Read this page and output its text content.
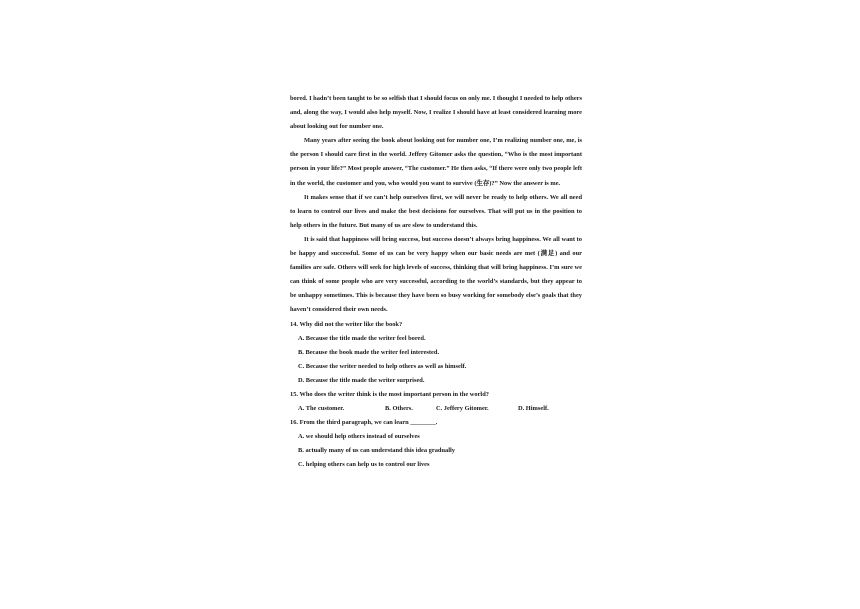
bored. I hadn’t been taught to be so selfish that I should focus on only me. I thought I needed to help others and, along the way, I would also help myself. Now, I realize I should have at least considered learning more about looking out for number one.

Many years after seeing the book about looking out for number one, I’m realizing number one, me, is the person I should care first in the world. Jeffrey Gitomer asks the question, “Who is the most important person in your life?” Most people answer, “The customer.” He then asks, “If there were only two people left in the world, the customer and you, who would you want to survive (生存)?” Now the answer is me.

It makes sense that if we can’t help ourselves first, we will never be ready to help others. We all need to learn to control our lives and make the best decisions for ourselves. That will put us in the position to help others in the future. But many of us are slow to understand this.

It is said that happiness will bring success, but success doesn’t always bring happiness. We all want to be happy and successful. Some of us can be very happy when our basic needs are met (满足) and our families are safe. Others will seek for high levels of success, thinking that will bring happiness. I’m sure we can think of some people who are very successful, according to the world’s standards, but they appear to be unhappy sometimes. This is because they have been so busy working for somebody else’s goals that they haven’t considered their own needs.

14. Why did not the writer like the book?

A. Because the title made the writer feel bored.

B. Because the book made the writer feel interested.

C. Because the writer needed to help others as well as himself.

D. Because the title made the writer surprised.

15. Who does the writer think is the most important person in the world?

A. The customer.	B. Others.	C. Jeffery Gitomer.	D. Himself.

16. From the third paragraph, we can learn ________.

A. we should help others instead of ourselves

B. actually many of us can understand this idea gradually

C. helping others can help us to control our lives
